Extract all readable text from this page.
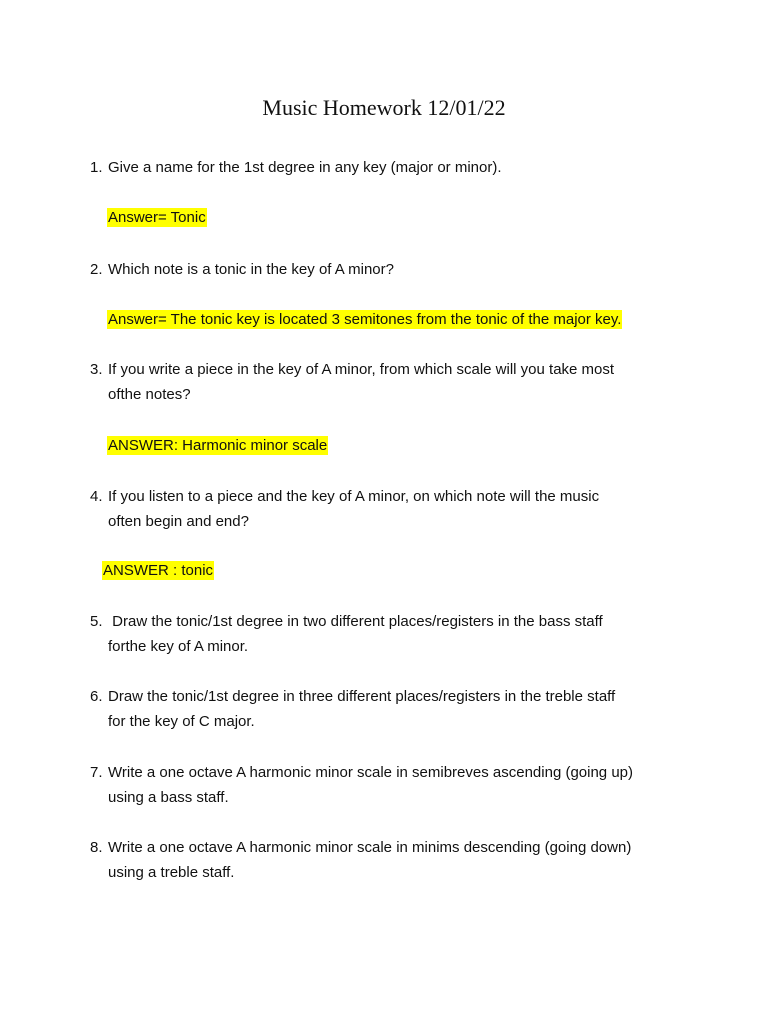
Music Homework 12/01/22
1. Give a name for the 1st degree in any key (major or minor).
Answer= Tonic
2. Which note is a tonic in the key of A minor?
Answer= The tonic key is located 3 semitones from the tonic of the major key.
3. If you write a piece in the key of A minor, from which scale will you take most
ofthe notes?
ANSWER: Harmonic minor scale
4. If you listen to a piece and the key of A minor, on which note will the music
often begin and end?
ANSWER : tonic
5. Draw the tonic/1st degree in two different places/registers in the bass staff
forthe key of A minor.
6. Draw the tonic/1st degree in three different places/registers in the treble staff
for the key of C major.
7. Write a one octave A harmonic minor scale in semibreves ascending (going up)
using a bass staff.
8. Write a one octave A harmonic minor scale in minims descending (going down)
using a treble staff.
